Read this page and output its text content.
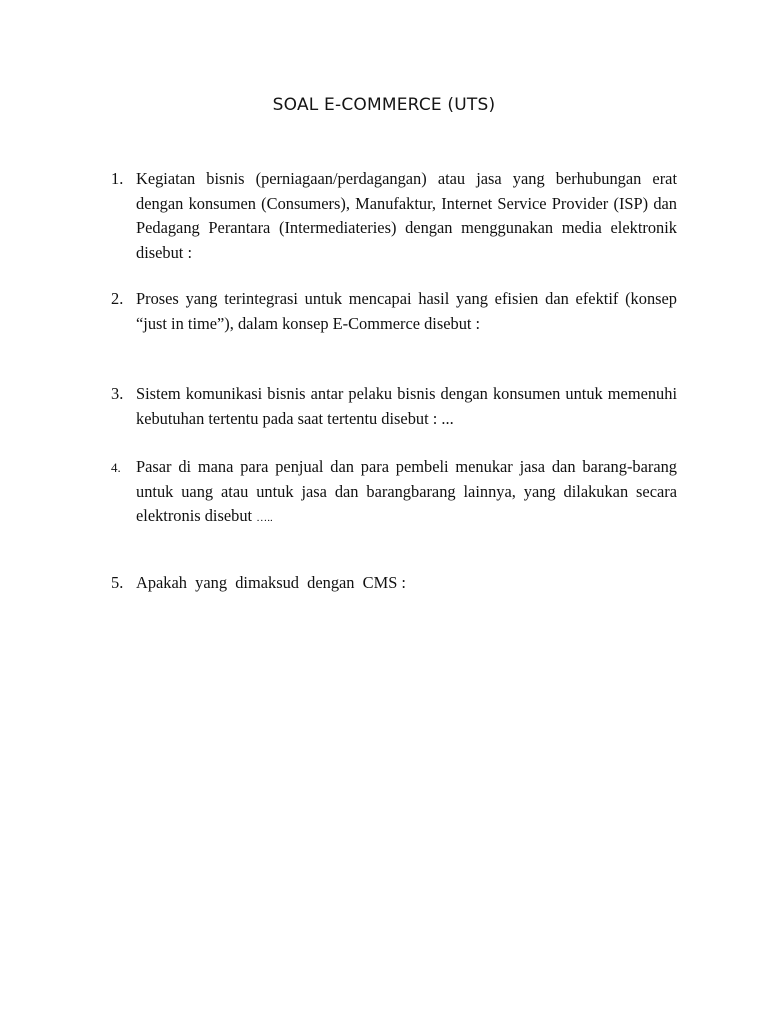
SOAL E-COMMERCE (UTS)
1. Kegiatan bisnis (perniagaan/perdagangan) atau jasa yang berhubungan erat dengan konsumen (Consumers), Manufaktur, Internet Service Provider (ISP) dan Pedagang Perantara (Intermediateries) dengan menggunakan media elektronik disebut :

2. Proses yang terintegrasi untuk mencapai hasil yang efisien dan efektif (konsep “just in time”), dalam konsep E-Commerce disebut :

3. Sistem komunikasi bisnis antar pelaku bisnis dengan konsumen untuk memenuhi kebutuhan tertentu pada saat tertentu disebut : ...

4. Pasar di mana para penjual dan para pembeli menukar jasa dan barang-barang untuk uang atau untuk jasa dan barangbarang lainnya, yang dilakukan secara elektronis disebut …..

5. Apakah  yang  dimaksud  dengan  CMS :
